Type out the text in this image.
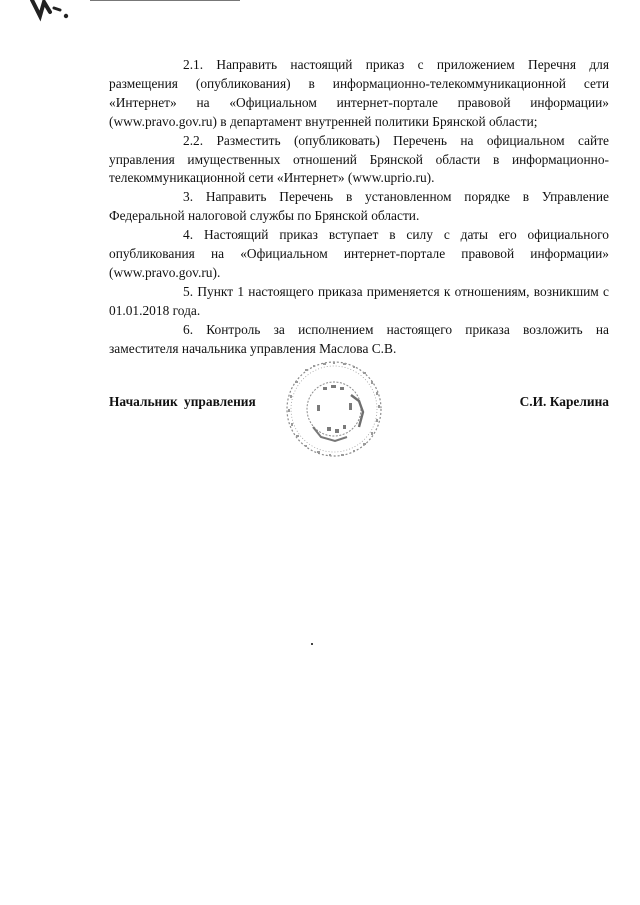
2.1. Направить настоящий приказ с приложением Перечня для размещения (опубликования) в информационно-телекоммуникационной сети «Интернет» на «Официальном интернет-портале правовой информации» (www.pravo.gov.ru) в департамент внутренней политики Брянской области;

2.2. Разместить (опубликовать) Перечень на официальном сайте управления имущественных отношений Брянской области в информационно-телекоммуникационной сети «Интернет» (www.uprio.ru).

3. Направить Перечень в установленном порядке в Управление Федеральной налоговой службы по Брянской области.

4. Настоящий приказ вступает в силу с даты его официального опубликования на «Официальном интернет-портале правовой информации» (www.pravo.gov.ru).

5. Пункт 1 настоящего приказа применяется к отношениям, возникшим с 01.01.2018 года.

6. Контроль за исполнением настоящего приказа возложить на заместителя начальника управления Маслова С.В.

Начальник управления	С.И. Карелина
